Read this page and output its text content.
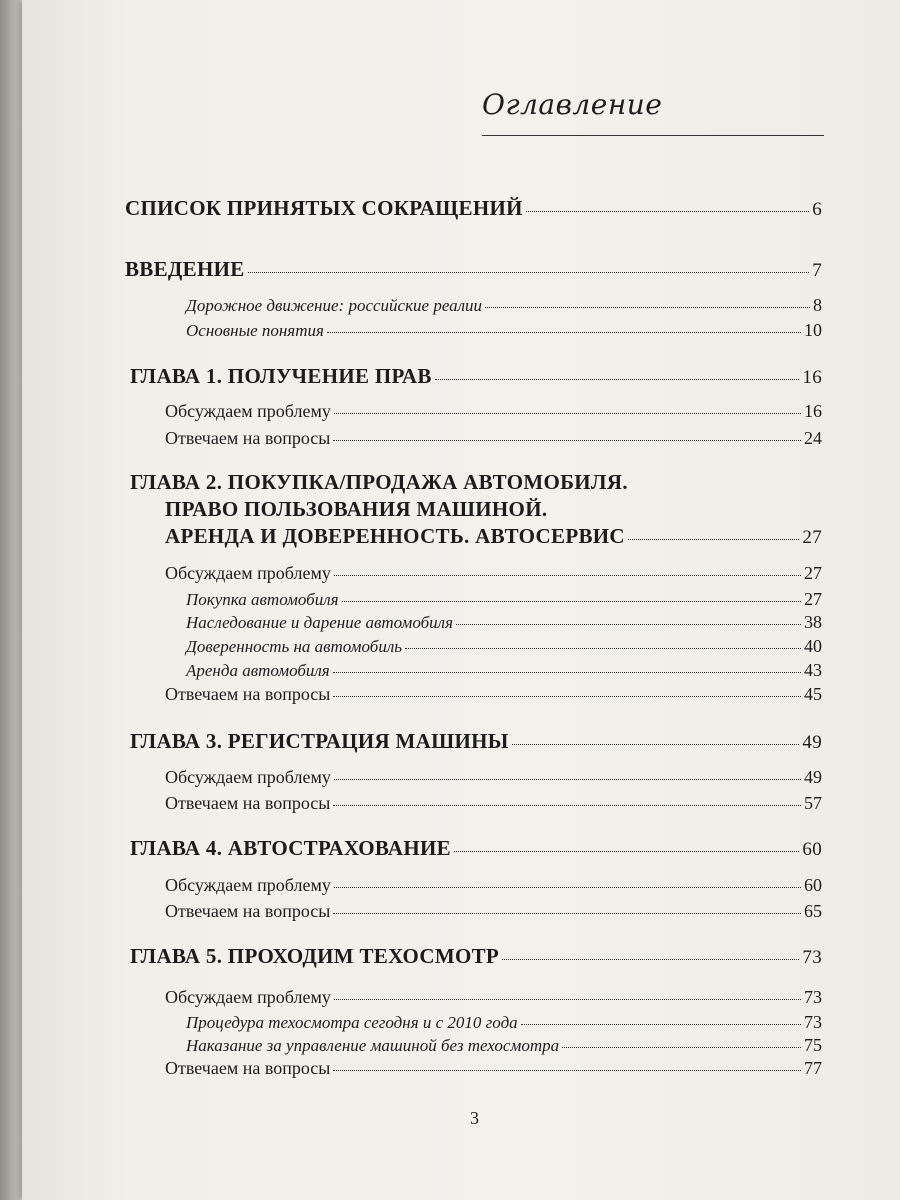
Оглавление
СПИСОК ПРИНЯТЫХ СОКРАЩЕНИЙ	6
ВВЕДЕНИЕ	7
Дорожное движение: российские реалии	8
Основные понятия	10
ГЛАВА 1. ПОЛУЧЕНИЕ ПРАВ	16
Обсуждаем проблему	16
Отвечаем на вопросы	24
ГЛАВА 2. ПОКУПКА/ПРОДАЖА АВТОМОБИЛЯ.
ПРАВО ПОЛЬЗОВАНИЯ МАШИНОЙ.
АРЕНДА И ДОВЕРЕННОСТЬ. АВТОСЕРВИС	27
Обсуждаем проблему	27
Покупка автомобиля	27
Наследование и дарение автомобиля	38
Доверенность на автомобиль	40
Аренда автомобиля	43
Отвечаем на вопросы	45
ГЛАВА 3. РЕГИСТРАЦИЯ МАШИНЫ	49
Обсуждаем проблему	49
Отвечаем на вопросы	57
ГЛАВА 4. АВТОСТРАХОВАНИЕ	60
Обсуждаем проблему	60
Отвечаем на вопросы	65
ГЛАВА 5. ПРОХОДИМ ТЕХОСМОТР	73
Обсуждаем проблему	73
Процедура техосмотра сегодня и с 2010 года	73
Наказание за управление машиной без техосмотра	75
Отвечаем на вопросы	77
3
